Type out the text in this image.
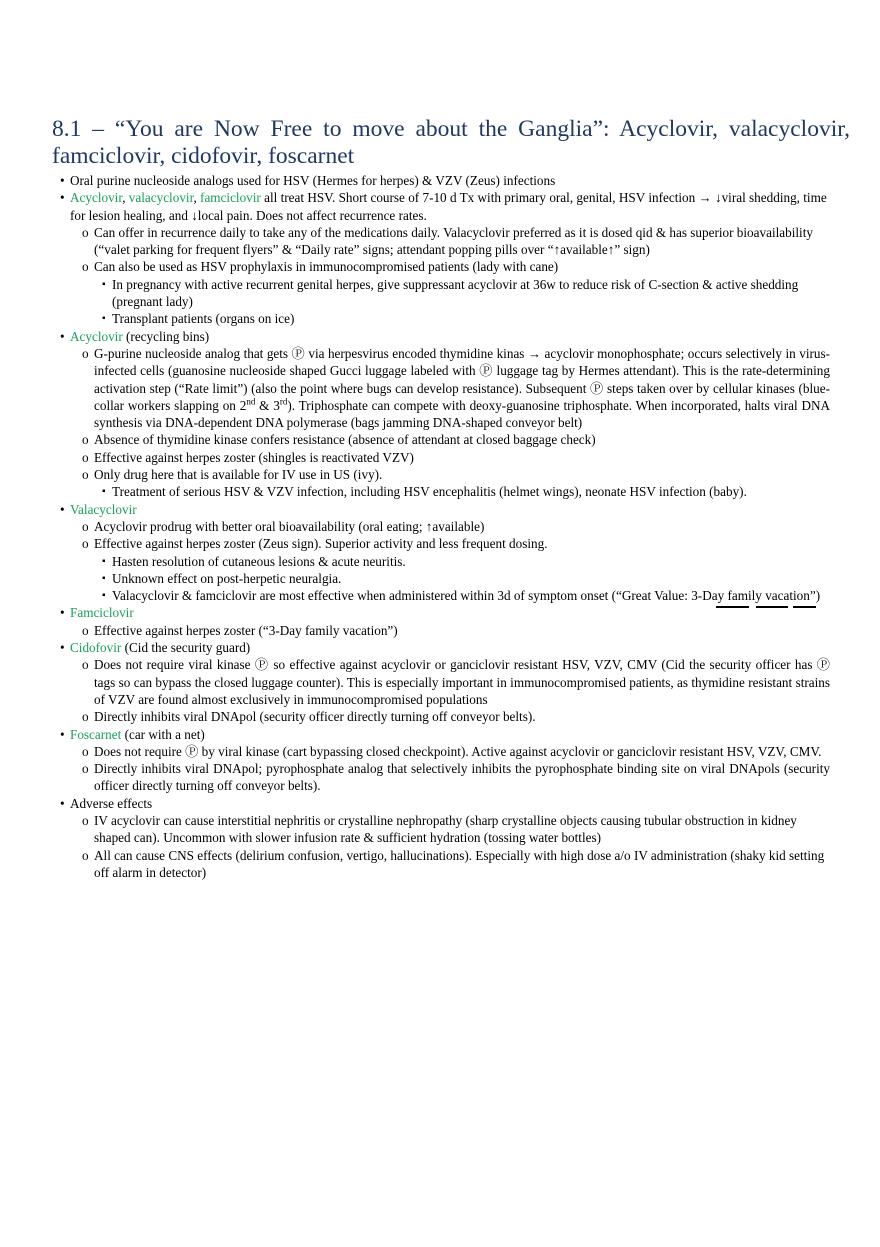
8.1 – “You are Now Free to move about the Ganglia”: Acyclovir, valacyclovir, famciclovir, cidofovir, foscarnet
• Oral purine nucleoside analogs used for HSV (Hermes for herpes) & VZV (Zeus) infections
• Acyclovir, valacyclovir, famciclovir all treat HSV. Short course of 7-10 d Tx with primary oral, genital, HSV infection → ↓viral shedding, time for lesion healing, and ↓local pain. Does not affect recurrence rates.
o Can offer in recurrence daily to take any of the medications daily. Valacyclovir preferred as it is dosed qid & has superior bioavailability (“valet parking for frequent flyers” & “Daily rate” signs; attendant popping pills over “↑available↑” sign)
o Can also be used as HSV prophylaxis in immunocompromised patients (lady with cane)
▪ In pregnancy with active recurrent genital herpes, give suppressant acyclovir at 36w to reduce risk of C-section & active shedding (pregnant lady)
▪ Transplant patients (organs on ice)
• Acyclovir (recycling bins)
o G-purine nucleoside analog that gets Ⓟ via herpesvirus encoded thymidine kinas → acyclovir monophosphate; occurs selectively in virus-infected cells (guanosine nucleoside shaped Gucci luggage labeled with Ⓟ luggage tag by Hermes attendant). This is the rate-determining activation step (“Rate limit”) (also the point where bugs can develop resistance). Subsequent Ⓟ steps taken over by cellular kinases (blue-collar workers slapping on 2nd & 3rd). Triphosphate can compete with deoxy-guanosine triphosphate. When incorporated, halts viral DNA synthesis via DNA-dependent DNA polymerase (bags jamming DNA-shaped conveyor belt)
o Absence of thymidine kinase confers resistance (absence of attendant at closed baggage check)
o Effective against herpes zoster (shingles is reactivated VZV)
o Only drug here that is available for IV use in US (ivy).
▪ Treatment of serious HSV & VZV infection, including HSV encephalitis (helmet wings), neonate HSV infection (baby).
• Valacyclovir
o Acyclovir prodrug with better oral bioavailability (oral eating; ↑available)
o Effective against herpes zoster (Zeus sign). Superior activity and less frequent dosing.
▪ Hasten resolution of cutaneous lesions & acute neuritis.
▪ Unknown effect on post-herpetic neuralgia.
▪ Valacyclovir & famciclovir are most effective when administered within 3d of symptom onset (“Great Value: 3-Day family vacation”)
• Famciclovir
o Effective against herpes zoster (“3-Day family vacation”)
• Cidofovir (Cid the security guard)
o Does not require viral kinase Ⓟ so effective against acyclovir or ganciclovir resistant HSV, VZV, CMV (Cid the security officer has Ⓟ tags so can bypass the closed luggage counter). This is especially important in immunocompromised patients, as thymidine resistant strains of VZV are found almost exclusively in immunocompromised populations
o Directly inhibits viral DNApol (security officer directly turning off conveyor belts).
• Foscarnet (car with a net)
o Does not require Ⓟ by viral kinase (cart bypassing closed checkpoint). Active against acyclovir or ganciclovir resistant HSV, VZV, CMV.
o Directly inhibits viral DNApol; pyrophosphate analog that selectively inhibits the pyrophosphate binding site on viral DNApols (security officer directly turning off conveyor belts).
• Adverse effects
o IV acyclovir can cause interstitial nephritis or crystalline nephropathy (sharp crystalline objects causing tubular obstruction in kidney shaped can). Uncommon with slower infusion rate & sufficient hydration (tossing water bottles)
o All can cause CNS effects (delirium confusion, vertigo, hallucinations). Especially with high dose a/o IV administration (shaky kid setting off alarm in detector)
